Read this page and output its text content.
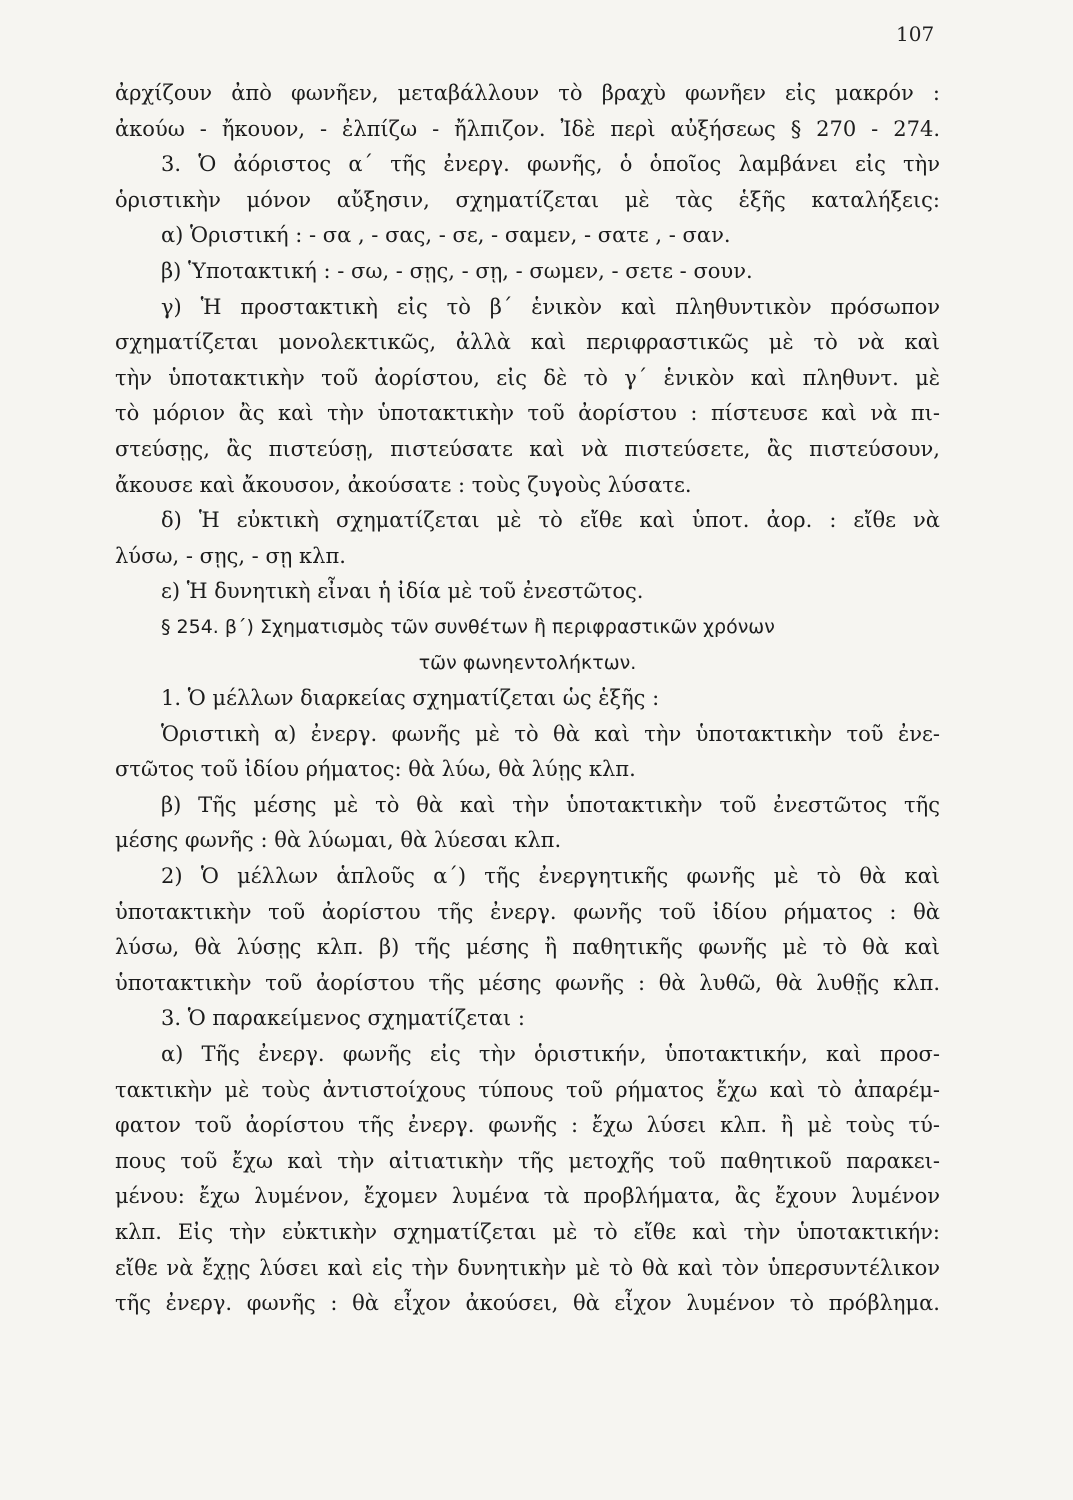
107
ἀρχίζουν ἀπὸ φωνῆεν, μεταβάλλουν τὸ βραχὺ φωνῆεν εἰς μακρόν :
ἀκούω - ἤκουον, - ἐλπίζω - ἤλπιζον. Ἰδὲ περὶ αὐξήσεως § 270 - 274.
3. Ὁ ἀόριστος α΄ τῆς ἐνεργ. φωνῆς, ὁ ὁποῖος λαμβάνει εἰς τὴν
ὁριστικὴν μόνον αὔξησιν, σχηματίζεται μὲ τὰς ἑξῆς καταλήξεις:
α) Ὁριστική : - σα , - σας, - σε, - σαμεν, - σατε , - σαν.
β) Ὑποτακτική : - σω, - σῃς, - σῃ, - σωμεν, - σετε - σουν.
γ) Ἡ προστακτικὴ εἰς τὸ β΄ ἑνικὸν καὶ πληθυντικὸν πρόσωπον
σχηματίζεται μονολεκτικῶς, ἀλλὰ καὶ περιφραστικῶς μὲ τὸ νὰ καὶ
τὴν ὑποτακτικὴν τοῦ ἀορίστου, εἰς δὲ τὸ γ΄ ἑνικὸν καὶ πληθυντ. μὲ
τὸ μόριον ἂς καὶ τὴν ὑποτακτικὴν τοῦ ἀορίστου : πίστευσε καὶ νὰ πι-
στεύσῃς, ἂς πιστεύσῃ, πιστεύσατε καὶ νὰ πιστεύσετε, ἂς πιστεύσουν,
ἄκουσε καὶ ἄκουσον, ἀκούσατε : τοὺς ζυγοὺς λύσατε.
δ) Ἡ εὐκτικὴ σχηματίζεται μὲ τὸ εἴθε καὶ ὑποτ. ἀορ. : εἴθε νὰ
λύσω, - σῃς, - σῃ κλπ.
ε) Ἡ δυνητικὴ εἶναι ἡ ἰδία μὲ τοῦ ἐνεστῶτος.
§ 254. β΄) Σχηματισμὸς τῶν συνθέτων ἢ περιφραστικῶν χρόνων
τῶν φωνηεντολήκτων.
1. Ὁ μέλλων διαρκείας σχηματίζεται ὡς ἑξῆς :
Ὁριστικὴ α) ἐνεργ. φωνῆς μὲ τὸ θὰ καὶ τὴν ὑποτακτικὴν τοῦ ἐνε-
στῶτος τοῦ ἰδίου ρήματος: θὰ λύω, θὰ λύῃς κλπ.
β) Τῆς μέσης μὲ τὸ θὰ καὶ τὴν ὑποτακτικὴν τοῦ ἐνεστῶτος τῆς
μέσης φωνῆς : θὰ λύωμαι, θὰ λύεσαι κλπ.
2) Ὁ μέλλων ἁπλοῦς α΄) τῆς ἐνεργητικῆς φωνῆς μὲ τὸ θὰ καὶ
ὑποτακτικὴν τοῦ ἀορίστου τῆς ἐνεργ. φωνῆς τοῦ ἰδίου ρήματος : θὰ
λύσω, θὰ λύσῃς κλπ. β) τῆς μέσης ἢ παθητικῆς φωνῆς μὲ τὸ θὰ καὶ
ὑποτακτικὴν τοῦ ἀορίστου τῆς μέσης φωνῆς : θὰ λυθῶ, θὰ λυθῇς κλπ.
3. Ὁ παρακείμενος σχηματίζεται :
α) Τῆς ἐνεργ. φωνῆς εἰς τὴν ὁριστικήν, ὑποτακτικήν, καὶ προσ-
τακτικὴν μὲ τοὺς ἀντιστοίχους τύπους τοῦ ρήματος ἔχω καὶ τὸ ἀπαρέμ-
φατον τοῦ ἀορίστου τῆς ἐνεργ. φωνῆς : ἔχω λύσει κλπ. ἢ μὲ τοὺς τύ-
πους τοῦ ἔχω καὶ τὴν αἰτιατικὴν τῆς μετοχῆς τοῦ παθητικοῦ παρακει-
μένου: ἔχω λυμένον, ἔχομεν λυμένα τὰ προβλήματα, ἂς ἔχουν λυμένον
κλπ. Εἰς τὴν εὐκτικὴν σχηματίζεται μὲ τὸ εἴθε καὶ τὴν ὑποτακτικήν:
εἴθε νὰ ἔχῃς λύσει καὶ εἰς τὴν δυνητικὴν μὲ τὸ θὰ καὶ τὸν ὑπερσυντέλικον
τῆς ἐνεργ. φωνῆς : θὰ εἶχον ἀκούσει, θὰ εἶχον λυμένον τὸ πρόβλημα.
